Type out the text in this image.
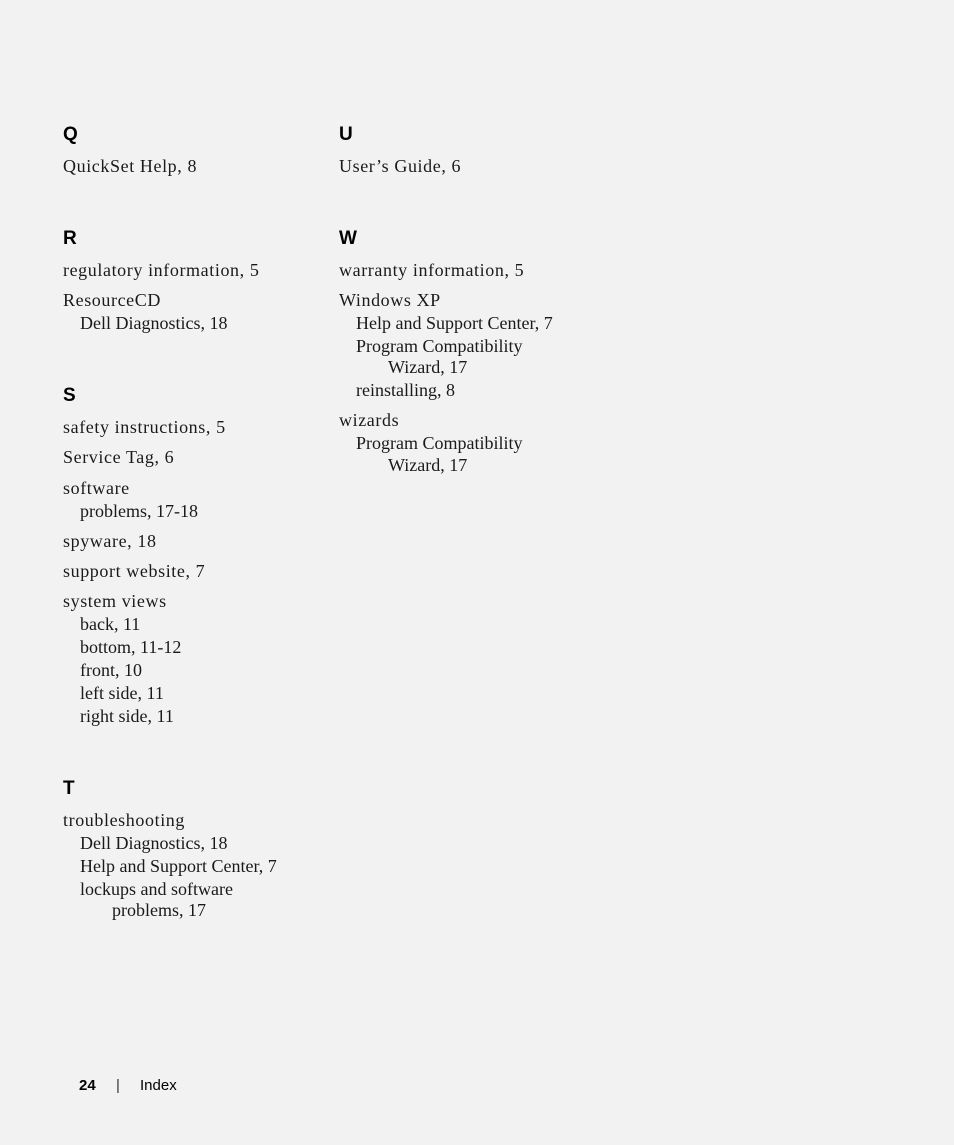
Q
QuickSet Help, 8
R
regulatory information, 5
ResourceCD
Dell Diagnostics, 18
S
safety instructions, 5
Service Tag, 6
software
problems, 17-18
spyware, 18
support website, 7
system views
back, 11
bottom, 11-12
front, 10
left side, 11
right side, 11
T
troubleshooting
Dell Diagnostics, 18
Help and Support Center, 7
lockups and software
problems, 17
U
User’s Guide, 6
W
warranty information, 5
Windows XP
Help and Support Center, 7
Program Compatibility
Wizard, 17
reinstalling, 8
wizards
Program Compatibility
Wizard, 17
24 | Index
